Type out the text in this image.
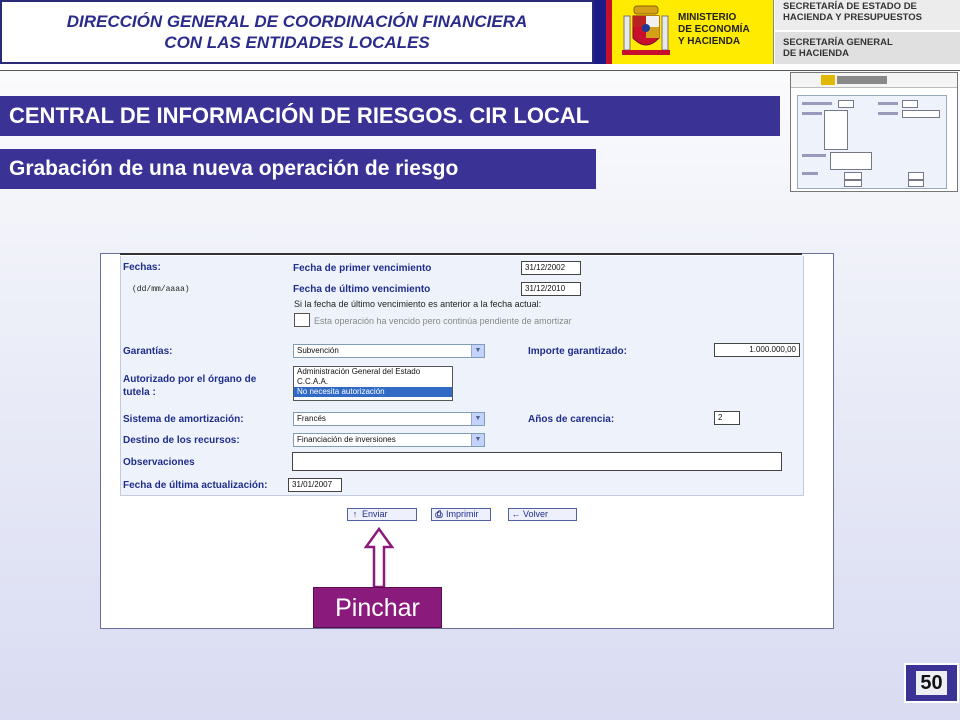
DIRECCIÓN GENERAL DE COORDINACIÓN FINANCIERA
CON LAS ENTIDADES LOCALES
MINISTERIO
DE ECONOMÍA
Y HACIENDA
SECRETARÍA DE ESTADO DE
HACIENDA Y PRESUPUESTOS
SECRETARÍA GENERAL
DE HACIENDA
CENTRAL DE INFORMACIÓN DE RIESGOS. CIR LOCAL
Grabación de una nueva operación de riesgo
Fechas:
(dd/mm/aaaa)
Fecha de primer vencimiento	31/12/2002
Fecha de último vencimiento	31/12/2010
Si la fecha de último vencimiento es anterior a la fecha actual:
Esta operación ha vencido pero continúa pendiente de amortizar
Garantías:	Subvención	▼	Importe garantizado:	1.000.000,00
Autorizado por el órgano de
tutela :
Administración General del Estado
C.C.A.A.
No necesita autorización
Sistema de amortización:	Francés	▼	Años de carencia:	2
Destino de los recursos:	Financiación de inversiones	▼
Observaciones
Fecha de última actualización:	31/01/2007
↑ Enviar	⎙ Imprimir	← Volver
Pinchar
50
